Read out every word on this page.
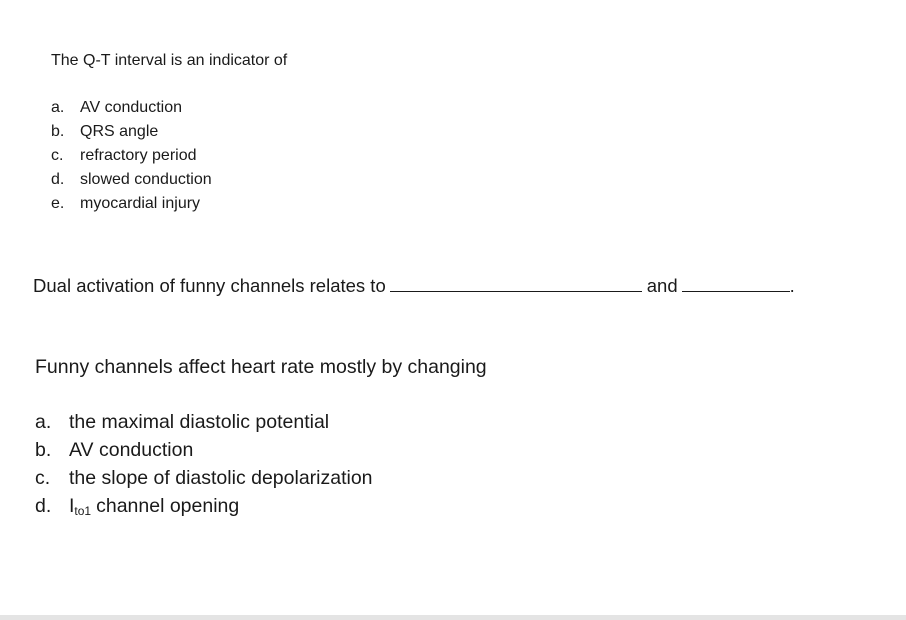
The Q-T interval is an indicator of
a. AV conduction
b. QRS angle
c.	refractory period
d. slowed conduction
e. myocardial injury
Dual activation of funny channels relates to	and	.
Funny channels affect heart rate mostly by changing
a. the maximal diastolic potential
b. AV conduction
c. the slope of diastolic depolarization
d. I to1 channel opening
